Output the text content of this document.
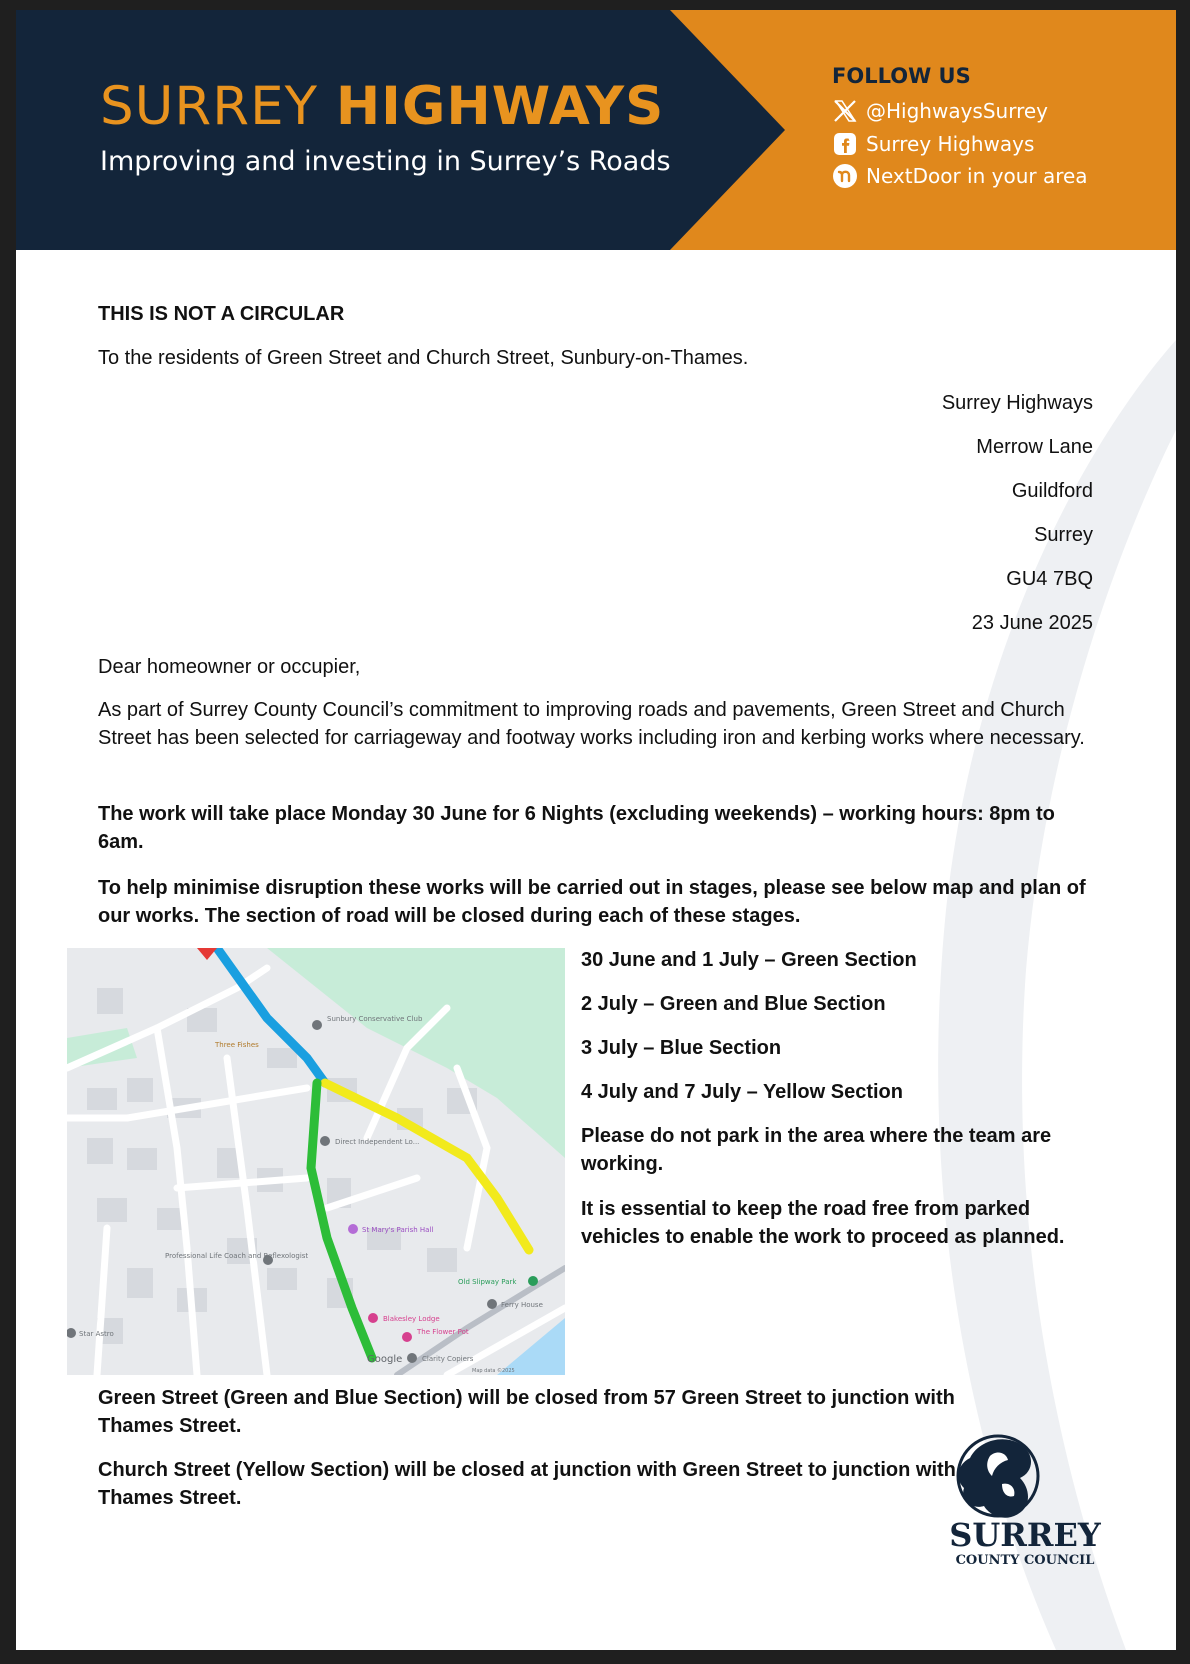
SURREY HIGHWAYS
Improving and investing in Surrey’s Roads
FOLLOW US
@HighwaysSurrey
Surrey Highways
NextDoor in your area
THIS IS NOT A CIRCULAR
To the residents of Green Street and Church Street, Sunbury-on-Thames.
Surrey Highways
Merrow Lane
Guildford
Surrey
GU4 7BQ
23 June 2025
Dear homeowner or occupier,
As part of Surrey County Council’s commitment to improving roads and pavements, Green Street and Church Street has been selected for carriageway and footway works including iron and kerbing works where necessary.
The work will take place Monday 30 June for 6 Nights (excluding weekends) – working hours: 8pm to 6am.
To help minimise disruption these works will be carried out in stages, please see below map and plan of our works. The section of road will be closed during each of these stages.
Sunbury Conservative Club
Three Fishes
Direct Independent Lo...
St Mary's Parish Hall
Professional Life Coach and Reflexologist
Old Slipway Park
Ferry House
Blakesley Lodge
The Flower Pot
Clarity Copiers
Star Astro
Google
Map data ©2025
30 June and 1 July – Green Section
2 July – Green and Blue Section
3 July – Blue Section
4 July and 7 July – Yellow Section
Please do not park in the area where the team are working.
It is essential to keep the road free from parked vehicles to enable the work to proceed as planned.
Green Street (Green and Blue Section) will be closed from 57 Green Street to junction with Thames Street.
Church Street (Yellow Section) will be closed at junction with Green Street to junction with Thames Street.
SURREY
COUNTY COUNCIL
